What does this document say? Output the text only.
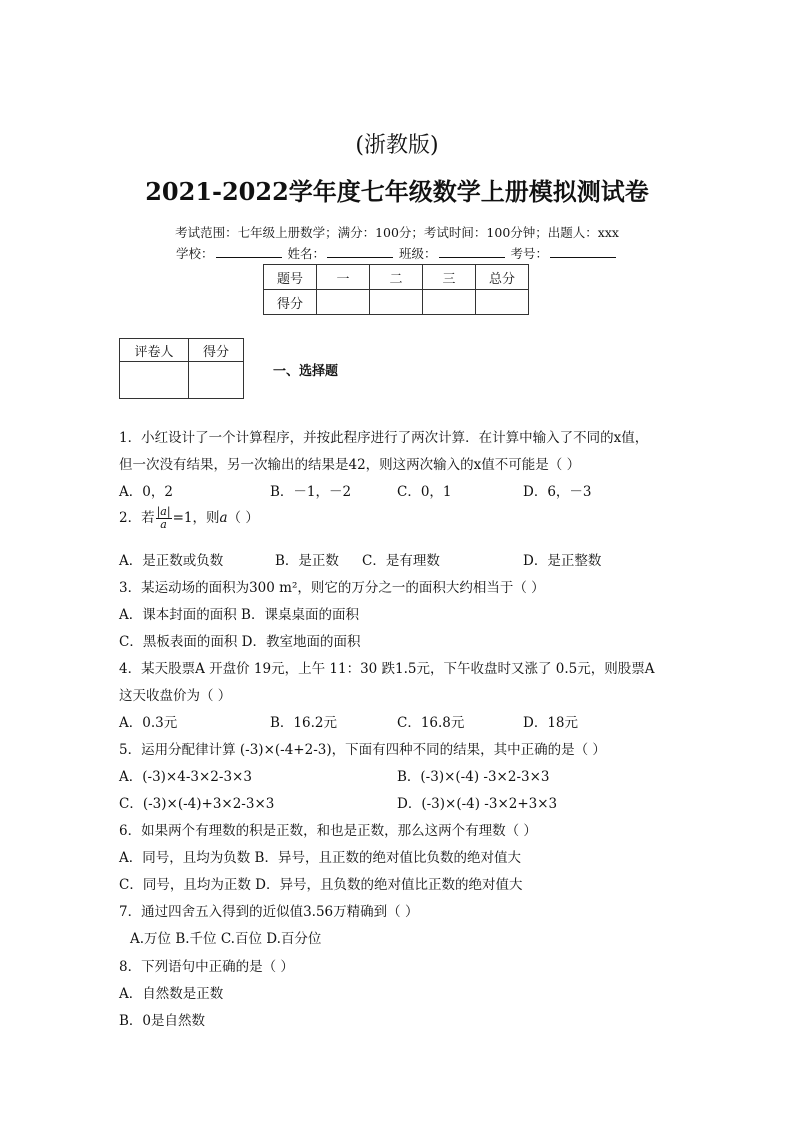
(浙教版)
2021-2022学年度七年级数学上册模拟测试卷
考试范围：七年级上册数学；满分：100分；考试时间：100分钟；出题人：xxx
学校：	姓名：	班级：	考号：
题号	一	二	三	总分
得分				
评卷人	得分

一、选择题
1．小红设计了一个计算程序，并按此程序进行了两次计算．在计算中输入了不同的x值，
但一次没有结果，另一次输出的结果是42，则这两次输入的x值不可能是（ ）
A．0，2	B．－1，－2	C．0，1	D．6，－3
2．若 $\frac{|a|}{a} =1$，则a（ ）
A．是正数或负数	B．是正数 C．是有理数	D．是正整数
3．某运动场的面积为300 m²，则它的万分之一的面积大约相当于（ ）
A．课本封面的面积 B．课桌桌面的面积
C．黑板表面的面积 D．教室地面的面积
4．某天股票A 开盘价 19元，上午 11：30 跌1.5元，下午收盘时又涨了 0.5元，则股票A
这天收盘价为（ ）
A．0.3元	B．16.2元	C．16.8元	D．18元
5．运用分配律计算 (-3)×(-4+2-3)，下面有四种不同的结果，其中正确的是（ ）
A．(-3)×4-3×2-3×3	B．(-3)×(-4) -3×2-3×3
C．(-3)×(-4)+3×2-3×3	D．(-3)×(-4) -3×2+3×3
6．如果两个有理数的积是正数，和也是正数，那么这两个有理数（ ）
A．同号，且均为负数 B．异号，且正数的绝对值比负数的绝对值大
C．同号，且均为正数 D．异号，且负数的绝对值比正数的绝对值大
7．通过四舍五入得到的近似值3.56万精确到（ ）
A.万位 B.千位 C.百位 D.百分位
8．下列语句中正确的是（ ）
A．自然数是正数
B．0是自然数
